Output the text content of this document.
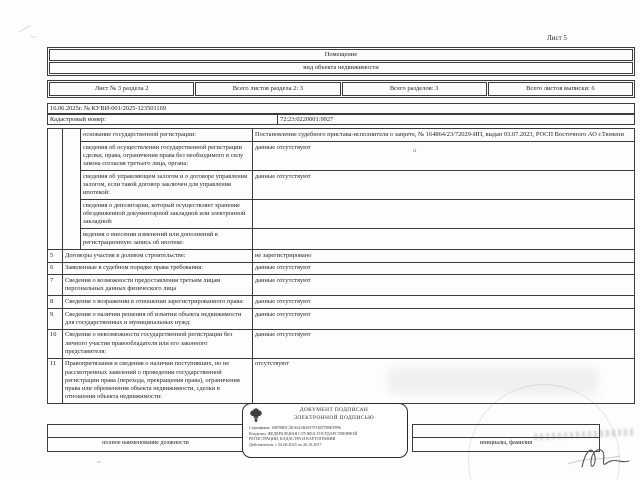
Лист 5
Помещение
вид объекта недвижимости
Лист № 3 раздела 2	Всего листов раздела 2: 3	Всего разделов: 3	Всего листов выписки: 6
16.06.2025г. № КУВИ-001/2025-123501169
Кадастровый номер:	72:23:0220001:9927
		основание государственной регистрации:	Постановление судебного пристава-исполнителя о запрете, № 164864/23/72029-ИП, выдан 03.07.2023, РОСП Восточного АО г.Тюмени
		сведения об осуществлении государственной регистрации сделки, права, ограничения права без необходимого в силу закона согласия третьего лица, органа:	данные отсутствуют
		сведения об управляющем залогом и о договоре управления залогом, если такой договор заключен для управления ипотекой:	данные отсутствуют
		сведения о депозитарии, который осуществляет хранение обездвиженной документарной закладной или электронной закладной:	
		ведения о внесении изменений или дополнений в регистрационную запись об ипотеке:	
5	Договоры участия в долевом строительстве:		не зарегистрировано
6	Заявленные в судебном порядке права требования:		данные отсутствуют
7	Сведения о возможности предоставления третьим лицам персональных данных физического лица		данные отсутствуют
8	Сведения о возражении в отношении зарегистрированного права:		данные отсутствуют
9	Сведения о наличии решения об изъятии объекта недвижимости для государственных и муниципальных нужд:		данные отсутствуют
10	Сведения о невозможности государственной регистрации без личного участия правообладателя или его законного представителя:		данные отсутствуют
11	Правопритязания и сведения о наличии поступивших, но не рассмотренных заявлений о проведении государственной регистрации права (перехода, прекращения права), ограничения права или обременения объекта недвижимости, сделки в отношении объекта недвижимости:		отсутствуют
полное наименование должности	инициалы, фамилия
ДОКУМЕНТ ПОДПИСАН
ЭЛЕКТРОННОЙ ПОДПИСЬЮ
Сертификат: 00F9BDC3EA623B4597F1ED79BEF896
Владелец: ФЕДЕРАЛЬНАЯ СЛУЖБА ГОСУДАРСТВЕННОЙ
РЕГИСТРАЦИИ, КАДАСТРА И КАРТОГРАФИИ
Действителен: с 02.06.2025 по 26.10.2037
и
